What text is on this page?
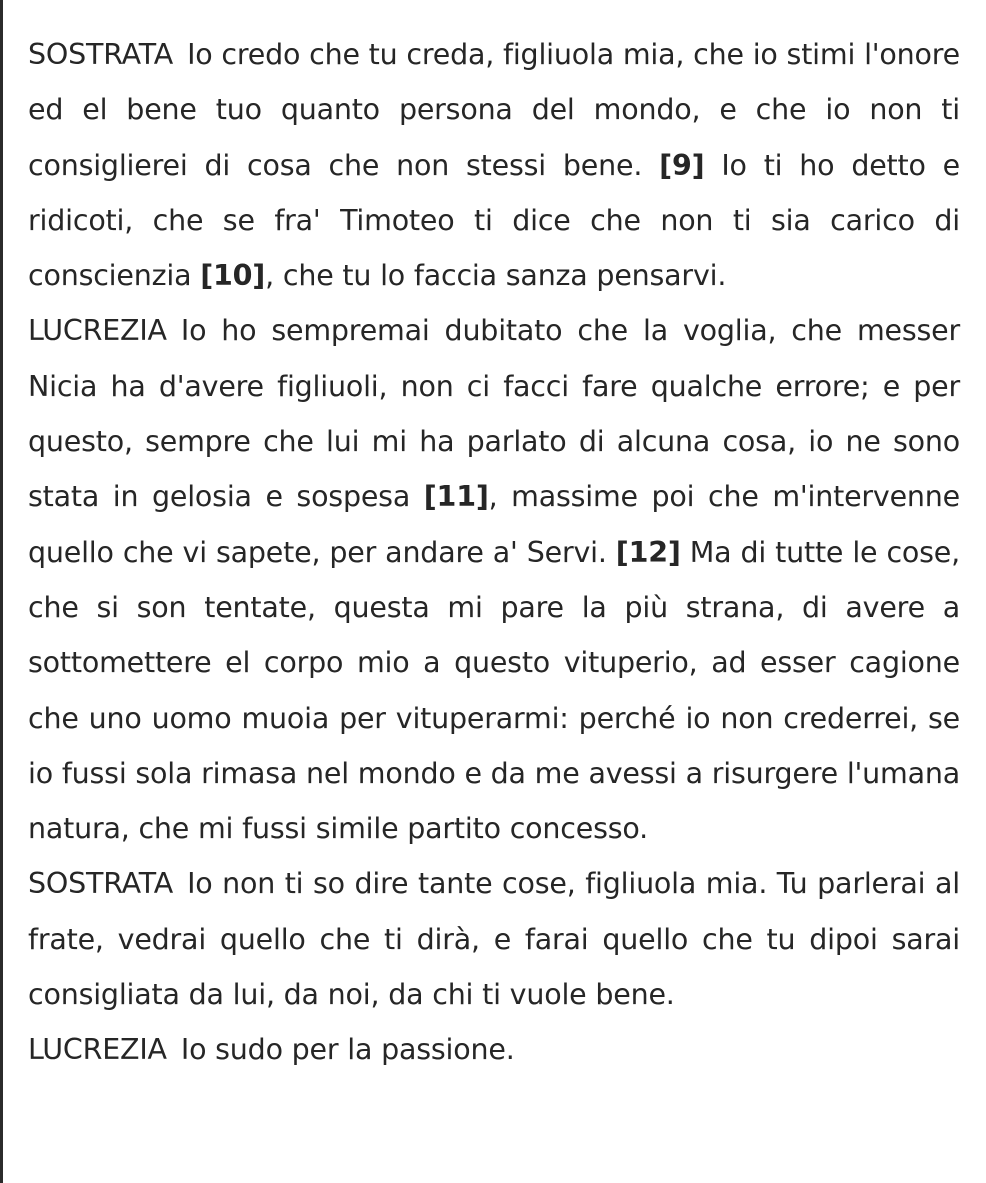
SOSTRATA Io credo che tu creda, figliuola mia, che io stimi l'onore ed el bene tuo quanto persona del mondo, e che io non ti consiglierei di cosa che non stessi bene. [9] Io ti ho detto e ridicoti, che se fra' Timoteo ti dice che non ti sia carico di conscienzia [10], che tu lo faccia sanza pensarvi.

LUCREZIA Io ho sempremai dubitato che la voglia, che messer Nicia ha d'avere figliuoli, non ci facci fare qualche errore; e per questo, sempre che lui mi ha parlato di alcuna cosa, io ne sono stata in gelosia e sospesa [11], massime poi che m'intervenne quello che vi sapete, per andare a' Servi. [12] Ma di tutte le cose, che si son tentate, questa mi pare la più strana, di avere a sottomettere el corpo mio a questo vituperio, ad esser cagione che uno uomo muoia per vituperarmi: perché io non crederrei, se io fussi sola rimasa nel mondo e da me avessi a risurgere l'umana natura, che mi fussi simile partito concesso.

SOSTRATA Io non ti so dire tante cose, figliuola mia. Tu parlerai al frate, vedrai quello che ti dirà, e farai quello che tu dipoi sarai consigliata da lui, da noi, da chi ti vuole bene.

LUCREZIA Io sudo per la passione.
